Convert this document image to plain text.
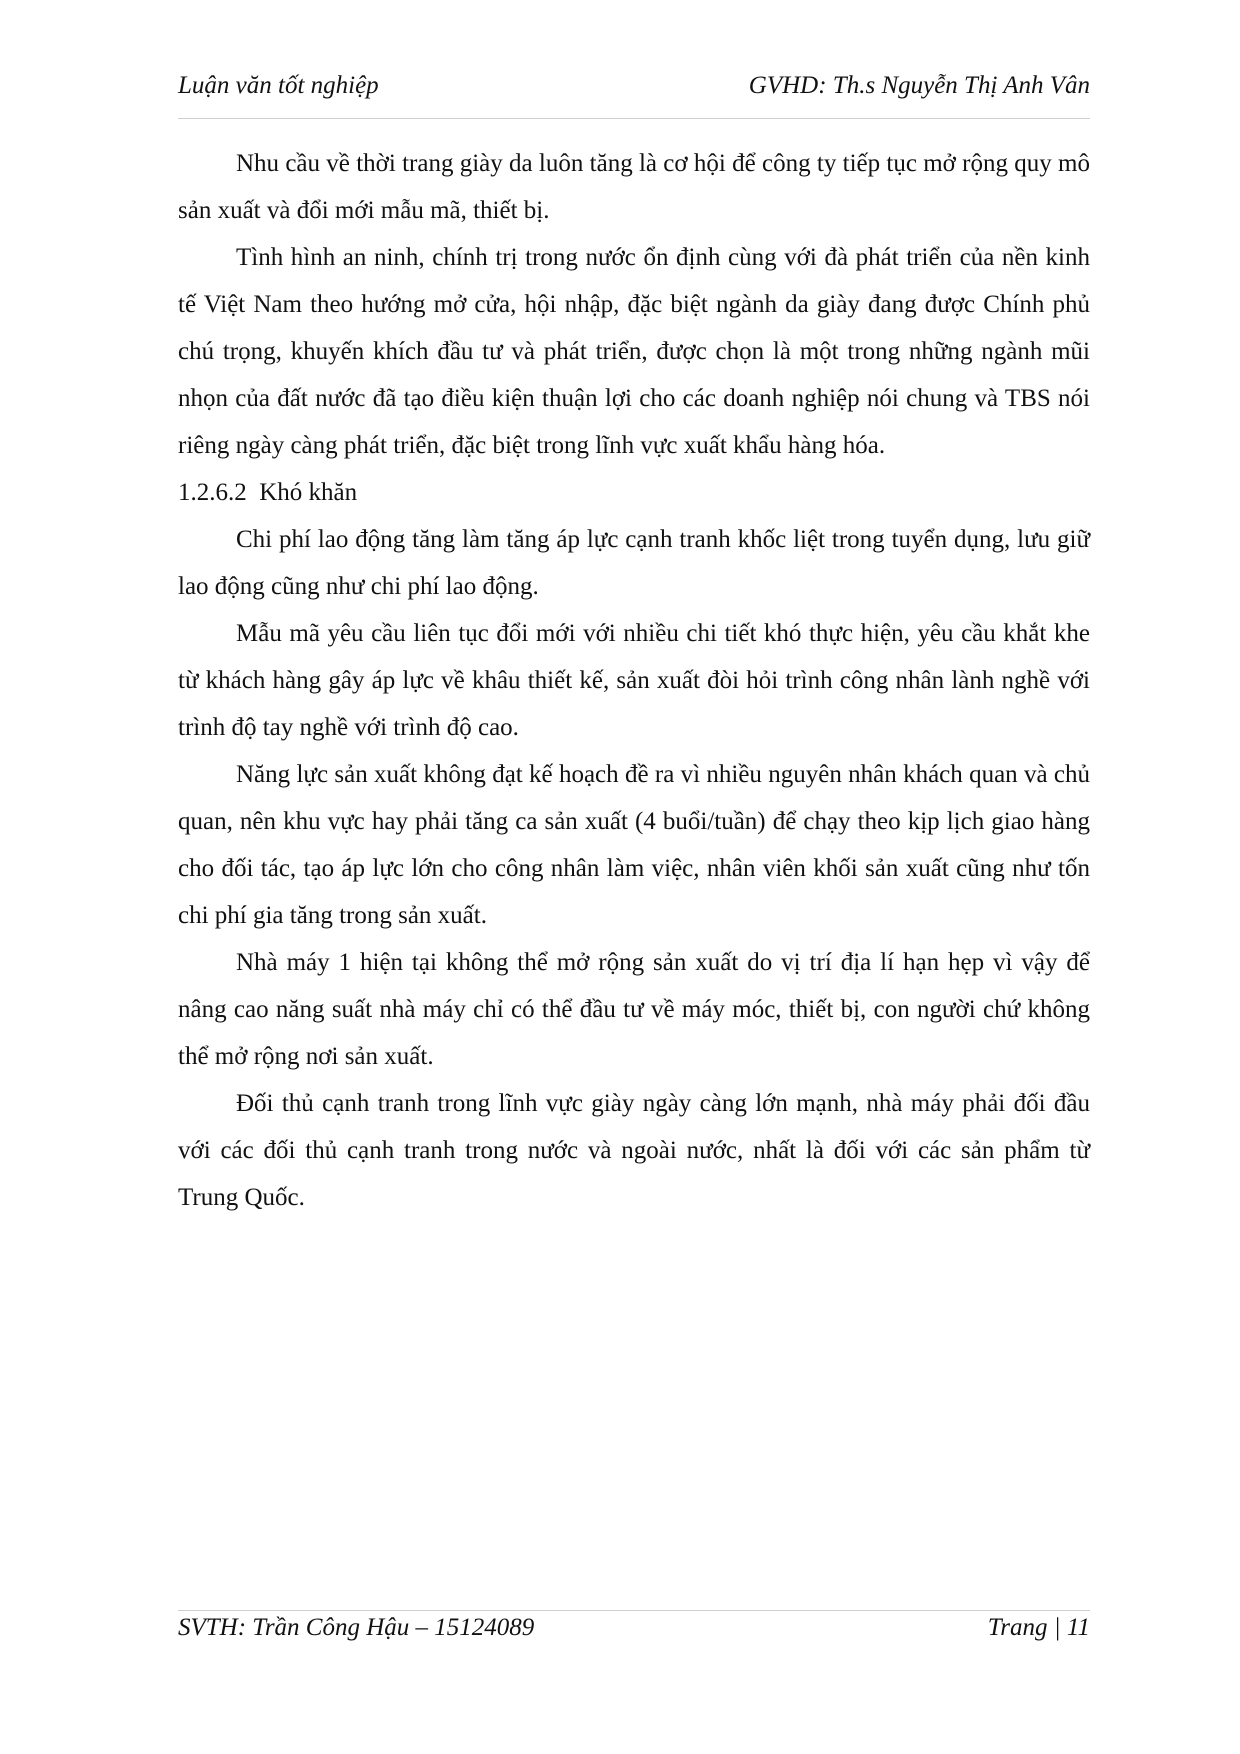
Luận văn tốt nghiệp	GVHD: Th.s Nguyễn Thị Anh Vân

Nhu cầu về thời trang giày da luôn tăng là cơ hội để công ty tiếp tục mở rộng quy mô sản xuất và đổi mới mẫu mã, thiết bị.

Tình hình an ninh, chính trị trong nước ổn định cùng với đà phát triển của nền kinh tế Việt Nam theo hướng mở cửa, hội nhập, đặc biệt ngành da giày đang được Chính phủ chú trọng, khuyến khích đầu tư và phát triển, được chọn là một trong những ngành mũi nhọn của đất nước đã tạo điều kiện thuận lợi cho các doanh nghiệp nói chung và TBS nói riêng ngày càng phát triển, đặc biệt trong lĩnh vực xuất khẩu hàng hóa.

1.2.6.2  Khó khăn

Chi phí lao động tăng làm tăng áp lực cạnh tranh khốc liệt trong tuyển dụng, lưu giữ lao động cũng như chi phí lao động.

Mẫu mã yêu cầu liên tục đổi mới với nhiều chi tiết khó thực hiện, yêu cầu khắt khe từ khách hàng gây áp lực về khâu thiết kế, sản xuất đòi hỏi trình công nhân lành nghề với trình độ tay nghề với trình độ cao.

Năng lực sản xuất không đạt kế hoạch đề ra vì nhiều nguyên nhân khách quan và chủ quan, nên khu vực hay phải tăng ca sản xuất (4 buổi/tuần) để chạy theo kịp lịch giao hàng cho đối tác, tạo áp lực lớn cho công nhân làm việc, nhân viên khối sản xuất cũng như tốn chi phí gia tăng trong sản xuất.

Nhà máy 1 hiện tại không thể mở rộng sản xuất do vị trí địa lí hạn hẹp vì vậy để nâng cao năng suất nhà máy chỉ có thể đầu tư về máy móc, thiết bị, con người chứ không thể mở rộng nơi sản xuất.

Đối thủ cạnh tranh trong lĩnh vực giày ngày càng lớn mạnh, nhà máy phải đối đầu với các đối thủ cạnh tranh trong nước và ngoài nước, nhất là đối với các sản phẩm từ Trung Quốc.

SVTH: Trần Công Hậu – 15124089	Trang | 11
